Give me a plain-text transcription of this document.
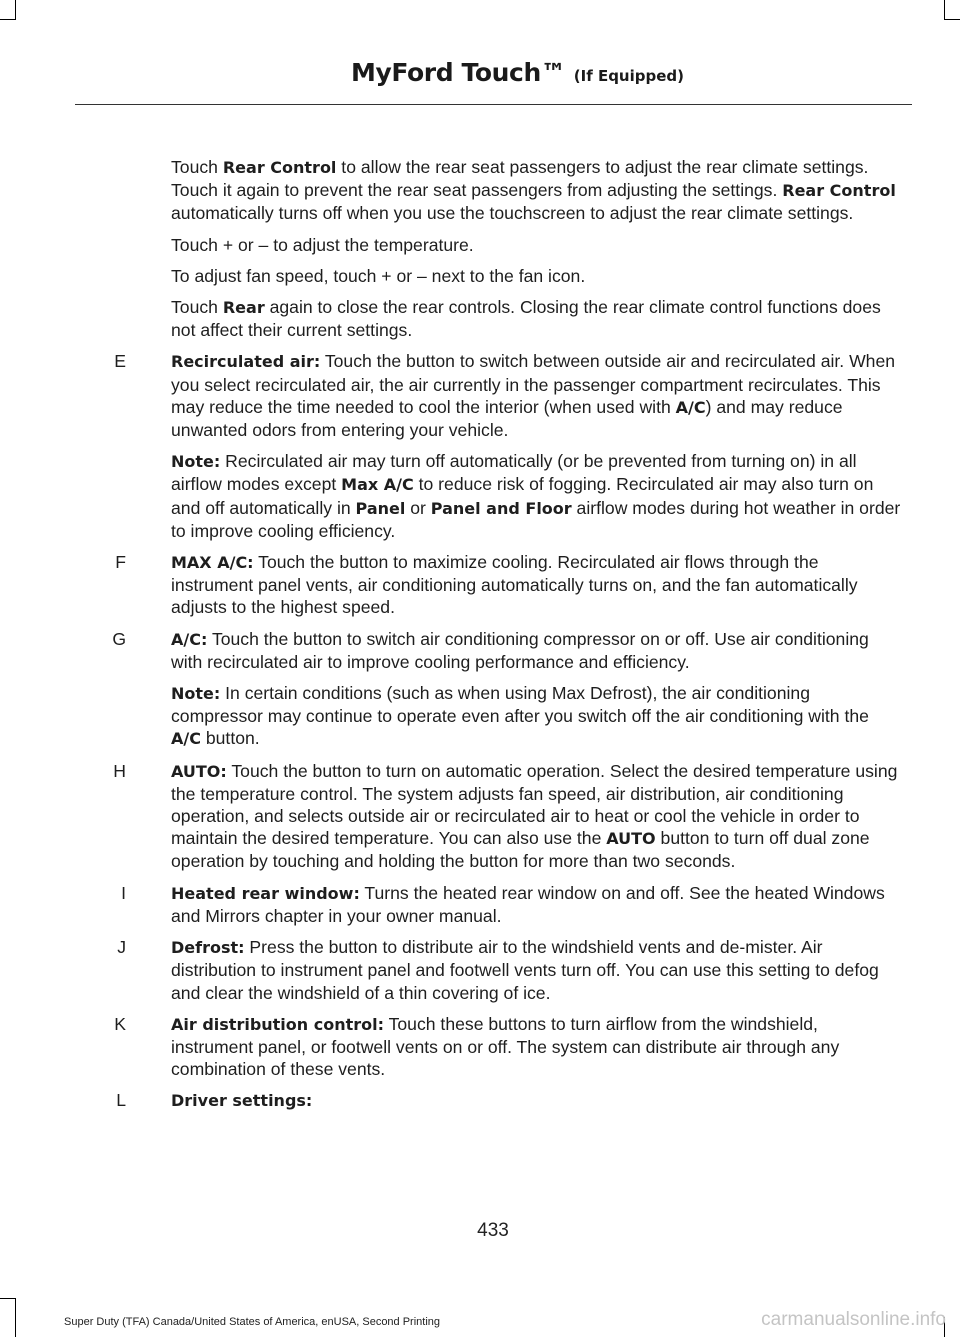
MyFord Touch™ (If Equipped)
Touch Rear Control to allow the rear seat passengers to adjust the rear climate settings. Touch it again to prevent the rear seat passengers from adjusting the settings. Rear Control automatically turns off when you use the touchscreen to adjust the rear climate settings.
Touch + or – to adjust the temperature.
To adjust fan speed, touch + or – next to the fan icon.
Touch Rear again to close the rear controls. Closing the rear climate control functions does not affect their current settings.
E	Recirculated air: Touch the button to switch between outside air and recirculated air. When you select recirculated air, the air currently in the passenger compartment recirculates. This may reduce the time needed to cool the interior (when used with A/C) and may reduce unwanted odors from entering your vehicle.
Note: Recirculated air may turn off automatically (or be prevented from turning on) in all airflow modes except Max A/C to reduce risk of fogging. Recirculated air may also turn on and off automatically in Panel or Panel and Floor airflow modes during hot weather in order to improve cooling efficiency.
F	MAX A/C: Touch the button to maximize cooling. Recirculated air flows through the instrument panel vents, air conditioning automatically turns on, and the fan automatically adjusts to the highest speed.
G	A/C: Touch the button to switch air conditioning compressor on or off. Use air conditioning with recirculated air to improve cooling performance and efficiency.
Note: In certain conditions (such as when using Max Defrost), the air conditioning compressor may continue to operate even after you switch off the air conditioning with the A/C button.
H	AUTO: Touch the button to turn on automatic operation. Select the desired temperature using the temperature control. The system adjusts fan speed, air distribution, air conditioning operation, and selects outside air or recirculated air to heat or cool the vehicle in order to maintain the desired temperature. You can also use the AUTO button to turn off dual zone operation by touching and holding the button for more than two seconds.
I	Heated rear window: Turns the heated rear window on and off. See the heated Windows and Mirrors chapter in your owner manual.
J	Defrost: Press the button to distribute air to the windshield vents and de-mister. Air distribution to instrument panel and footwell vents turn off. You can use this setting to defog and clear the windshield of a thin covering of ice.
K	Air distribution control: Touch these buttons to turn airflow from the windshield, instrument panel, or footwell vents on or off. The system can distribute air through any combination of these vents.
L	Driver settings:
433
Super Duty (TFA) Canada/United States of America, enUSA, Second Printing	carmanualsonline.info
